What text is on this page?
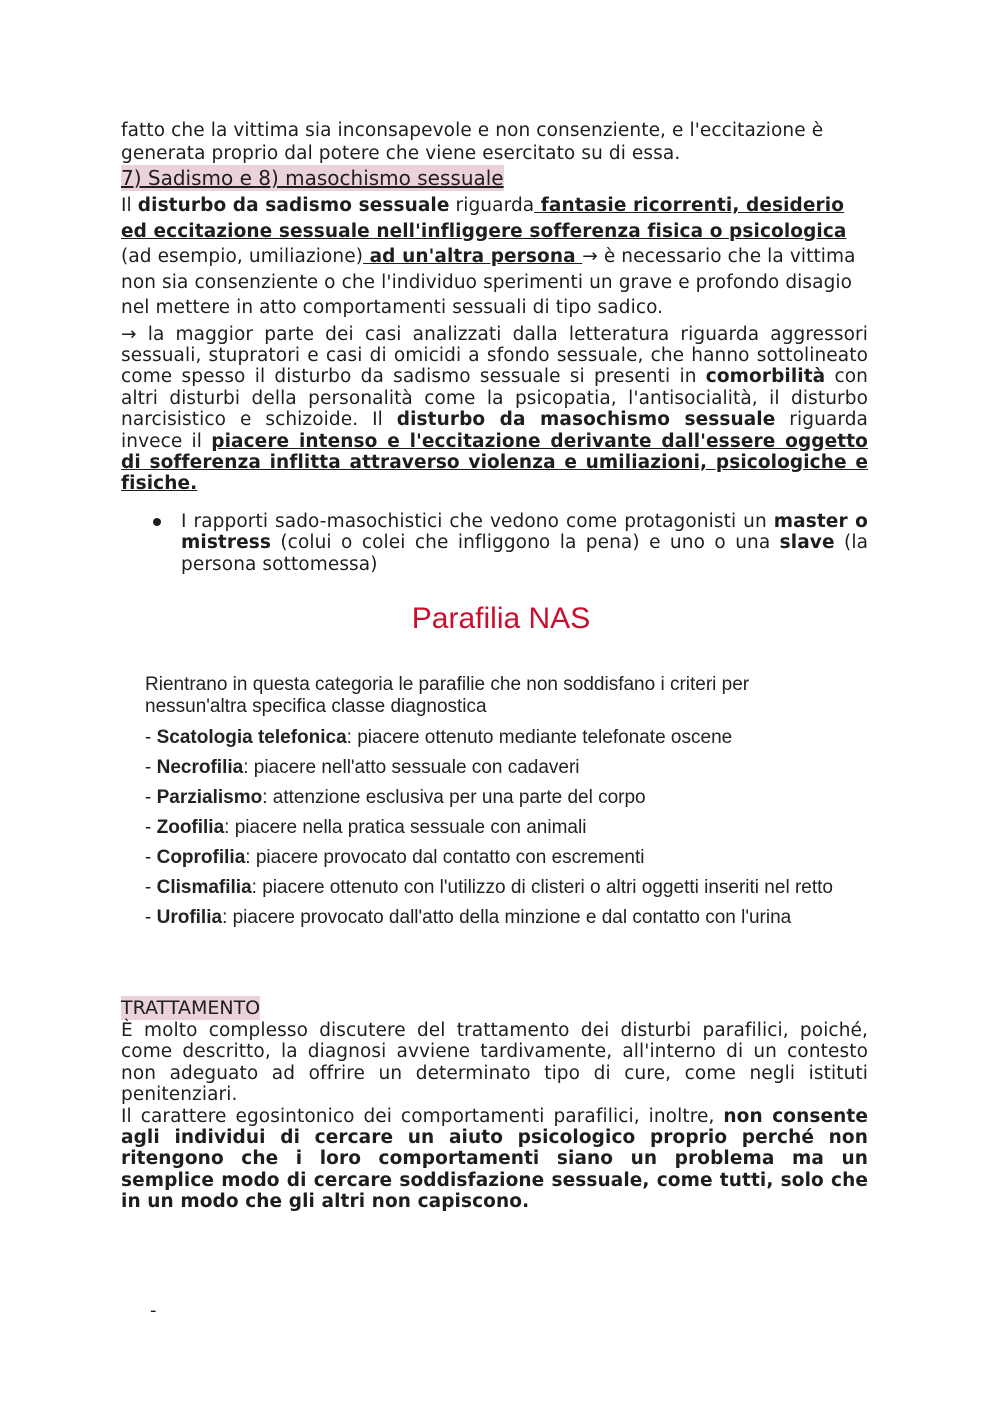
fatto che la vittima sia inconsapevole e non consenziente, e l'eccitazione è generata proprio dal potere che viene esercitato su di essa.

7) Sadismo e 8) masochismo sessuale

Il disturbo da sadismo sessuale riguarda fantasie ricorrenti, desiderio ed eccitazione sessuale nell'infliggere sofferenza fisica o psicologica (ad esempio, umiliazione) ad un'altra persona → è necessario che la vittima non sia consenziente o che l'individuo sperimenti un grave e profondo disagio nel mettere in atto comportamenti sessuali di tipo sadico.

→ la maggior parte dei casi analizzati dalla letteratura riguarda aggressori sessuali, stupratori e casi di omicidi a sfondo sessuale, che hanno sottolineato come spesso il disturbo da sadismo sessuale si presenti in comorbilità con altri disturbi della personalità come la psicopatia, l'antisocialità, il disturbo narcisistico e schizoide. Il disturbo da masochismo sessuale riguarda invece il piacere intenso e l'eccitazione derivante dall'essere oggetto di sofferenza inflitta attraverso violenza e umiliazioni, psicologiche e fisiche.

I rapporti sado-masochistici che vedono come protagonisti un master o mistress (colui o colei che infliggono la pena) e uno o una slave (la persona sottomessa)

Parafilia NAS

Rientrano in questa categoria le parafilie che non soddisfano i criteri per nessun'altra specifica classe diagnostica

- Scatologia telefonica: piacere ottenuto mediante telefonate oscene

- Necrofilia: piacere nell'atto sessuale con cadaveri

- Parzialismo: attenzione esclusiva per una parte del corpo

- Zoofilia: piacere nella pratica sessuale con animali

- Coprofilia: piacere provocato dal contatto con escrementi

- Clismafilia: piacere ottenuto con l'utilizzo di clisteri o altri oggetti inseriti nel retto

- Urofilia: piacere provocato dall'atto della minzione e dal contatto con l'urina

TRATTAMENTO

È molto complesso discutere del trattamento dei disturbi parafilici, poiché, come descritto, la diagnosi avviene tardivamente, all'interno di un contesto non adeguato ad offrire un determinato tipo di cure, come negli istituti penitenziari.

Il carattere egosintonico dei comportamenti parafilici, inoltre, non consente agli individui di cercare un aiuto psicologico proprio perché non ritengono che i loro comportamenti siano un problema ma un semplice modo di cercare soddisfazione sessuale, come tutti, solo che in un modo che gli altri non capiscono.

-
